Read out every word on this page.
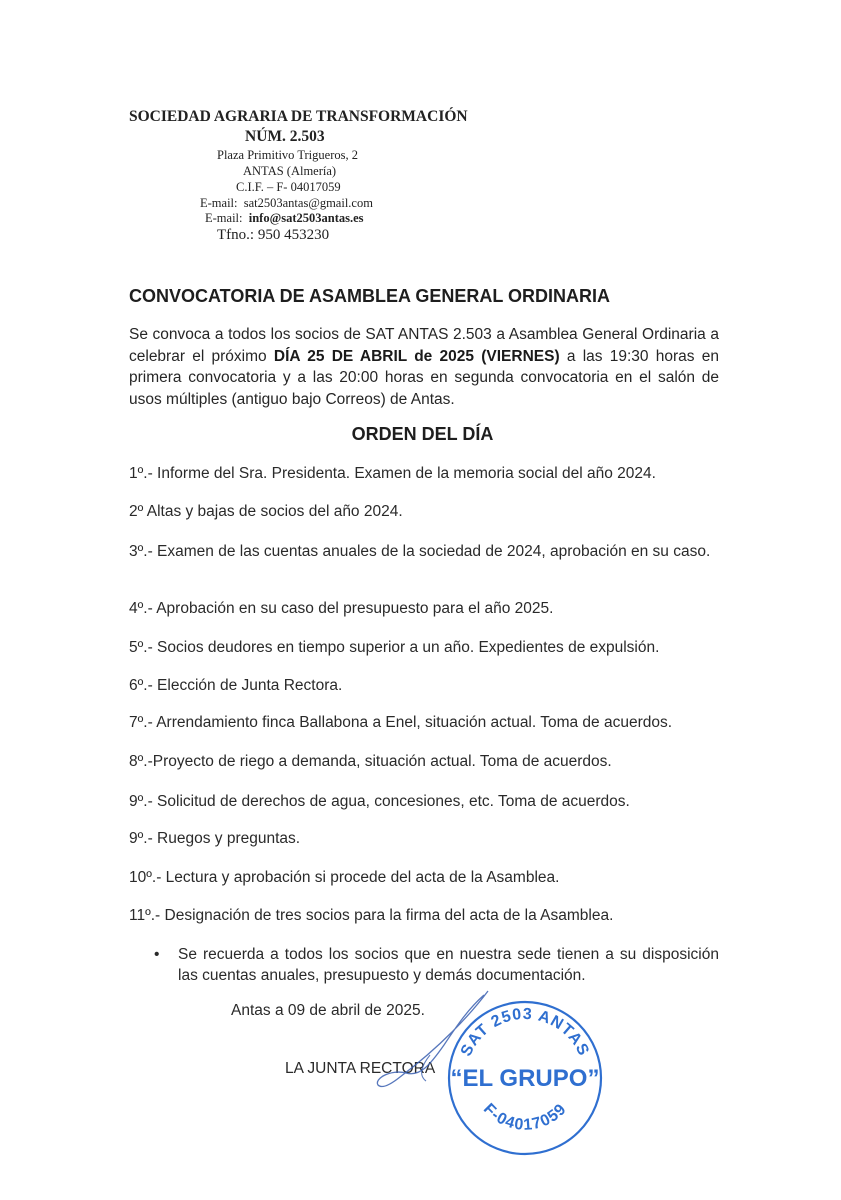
SOCIEDAD AGRARIA DE TRANSFORMACIÓN
NÚM. 2.503
Plaza Primitivo Trigueros, 2
ANTAS (Almería)
C.I.F. – F- 04017059
E-mail: sat2503antas@gmail.com
E-mail: info@sat2503antas.es
Tfno.: 950 453230
CONVOCATORIA DE ASAMBLEA GENERAL ORDINARIA
Se convoca a todos los socios de SAT ANTAS 2.503 a Asamblea General Ordinaria a celebrar el próximo DÍA 25 DE ABRIL de 2025 (VIERNES) a las 19:30 horas en primera convocatoria y a las 20:00 horas en segunda convocatoria en el salón de usos múltiples (antiguo bajo Correos) de Antas.
ORDEN DEL DÍA
1º.- Informe del Sra. Presidenta. Examen de la memoria social del año 2024.
2º Altas y bajas de socios del año 2024.
3º.- Examen de las cuentas anuales de la sociedad de 2024, aprobación en su caso.
4º.- Aprobación en su caso del presupuesto para el año 2025.
5º.- Socios deudores en tiempo superior a un año. Expedientes de expulsión.
6º.- Elección de Junta Rectora.
7º.- Arrendamiento finca Ballabona a Enel, situación actual. Toma de acuerdos.
8º.-Proyecto de riego a demanda, situación actual. Toma de acuerdos.
9º.- Solicitud de derechos de agua, concesiones, etc. Toma de acuerdos.
9º.- Ruegos y preguntas.
10º.- Lectura y aprobación si procede del acta de la Asamblea.
11º.- Designación de tres socios para la firma del acta de la Asamblea.
•	Se recuerda a todos los socios que en nuestra sede tienen a su disposición las cuentas anuales, presupuesto y demás documentación.
Antas a 09 de abril de 2025.
LA JUNTA RECTORA
SAT 2503 ANTAS
“EL GRUPO”
F-04017059
